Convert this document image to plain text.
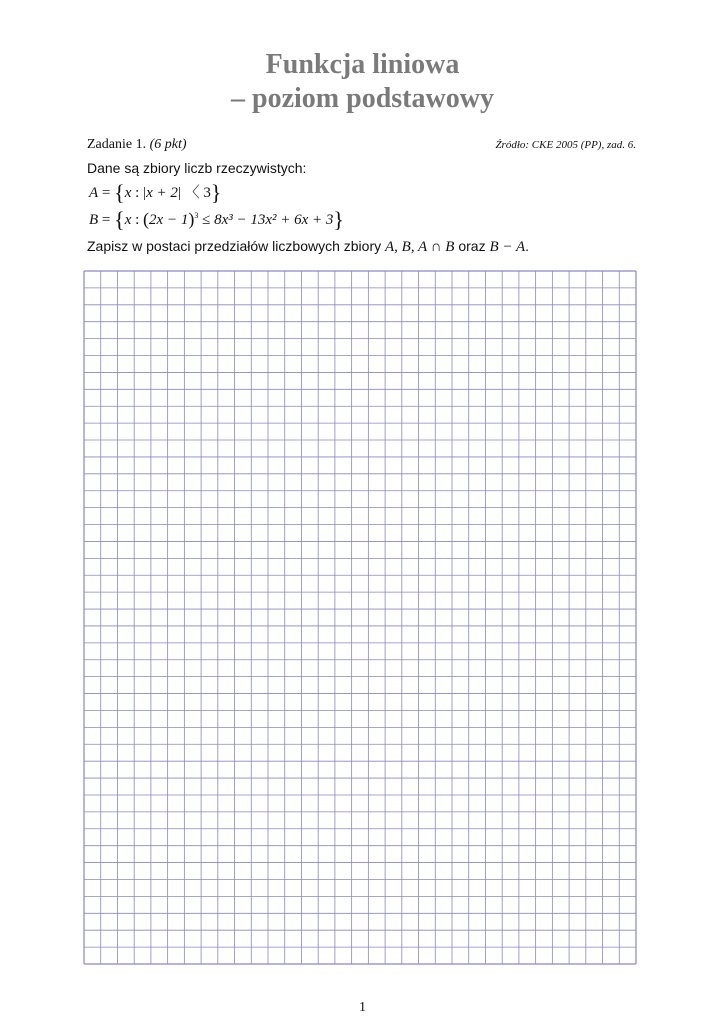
Funkcja liniowa
– poziom podstawowy
Zadanie 1. (6 pkt)	Źródło: CKE 2005 (PP), zad. 6.
Dane są zbiory liczb rzeczywistych:
A = {x : |x + 2| 〈 3}
B = {x : $(2x - 1)^3 \le 8x^3 - 13x^2 + 6x + 3$}
Zapisz w postaci przedziałów liczbowych zbiory A, B, A ∩ B oraz B − A.
1
